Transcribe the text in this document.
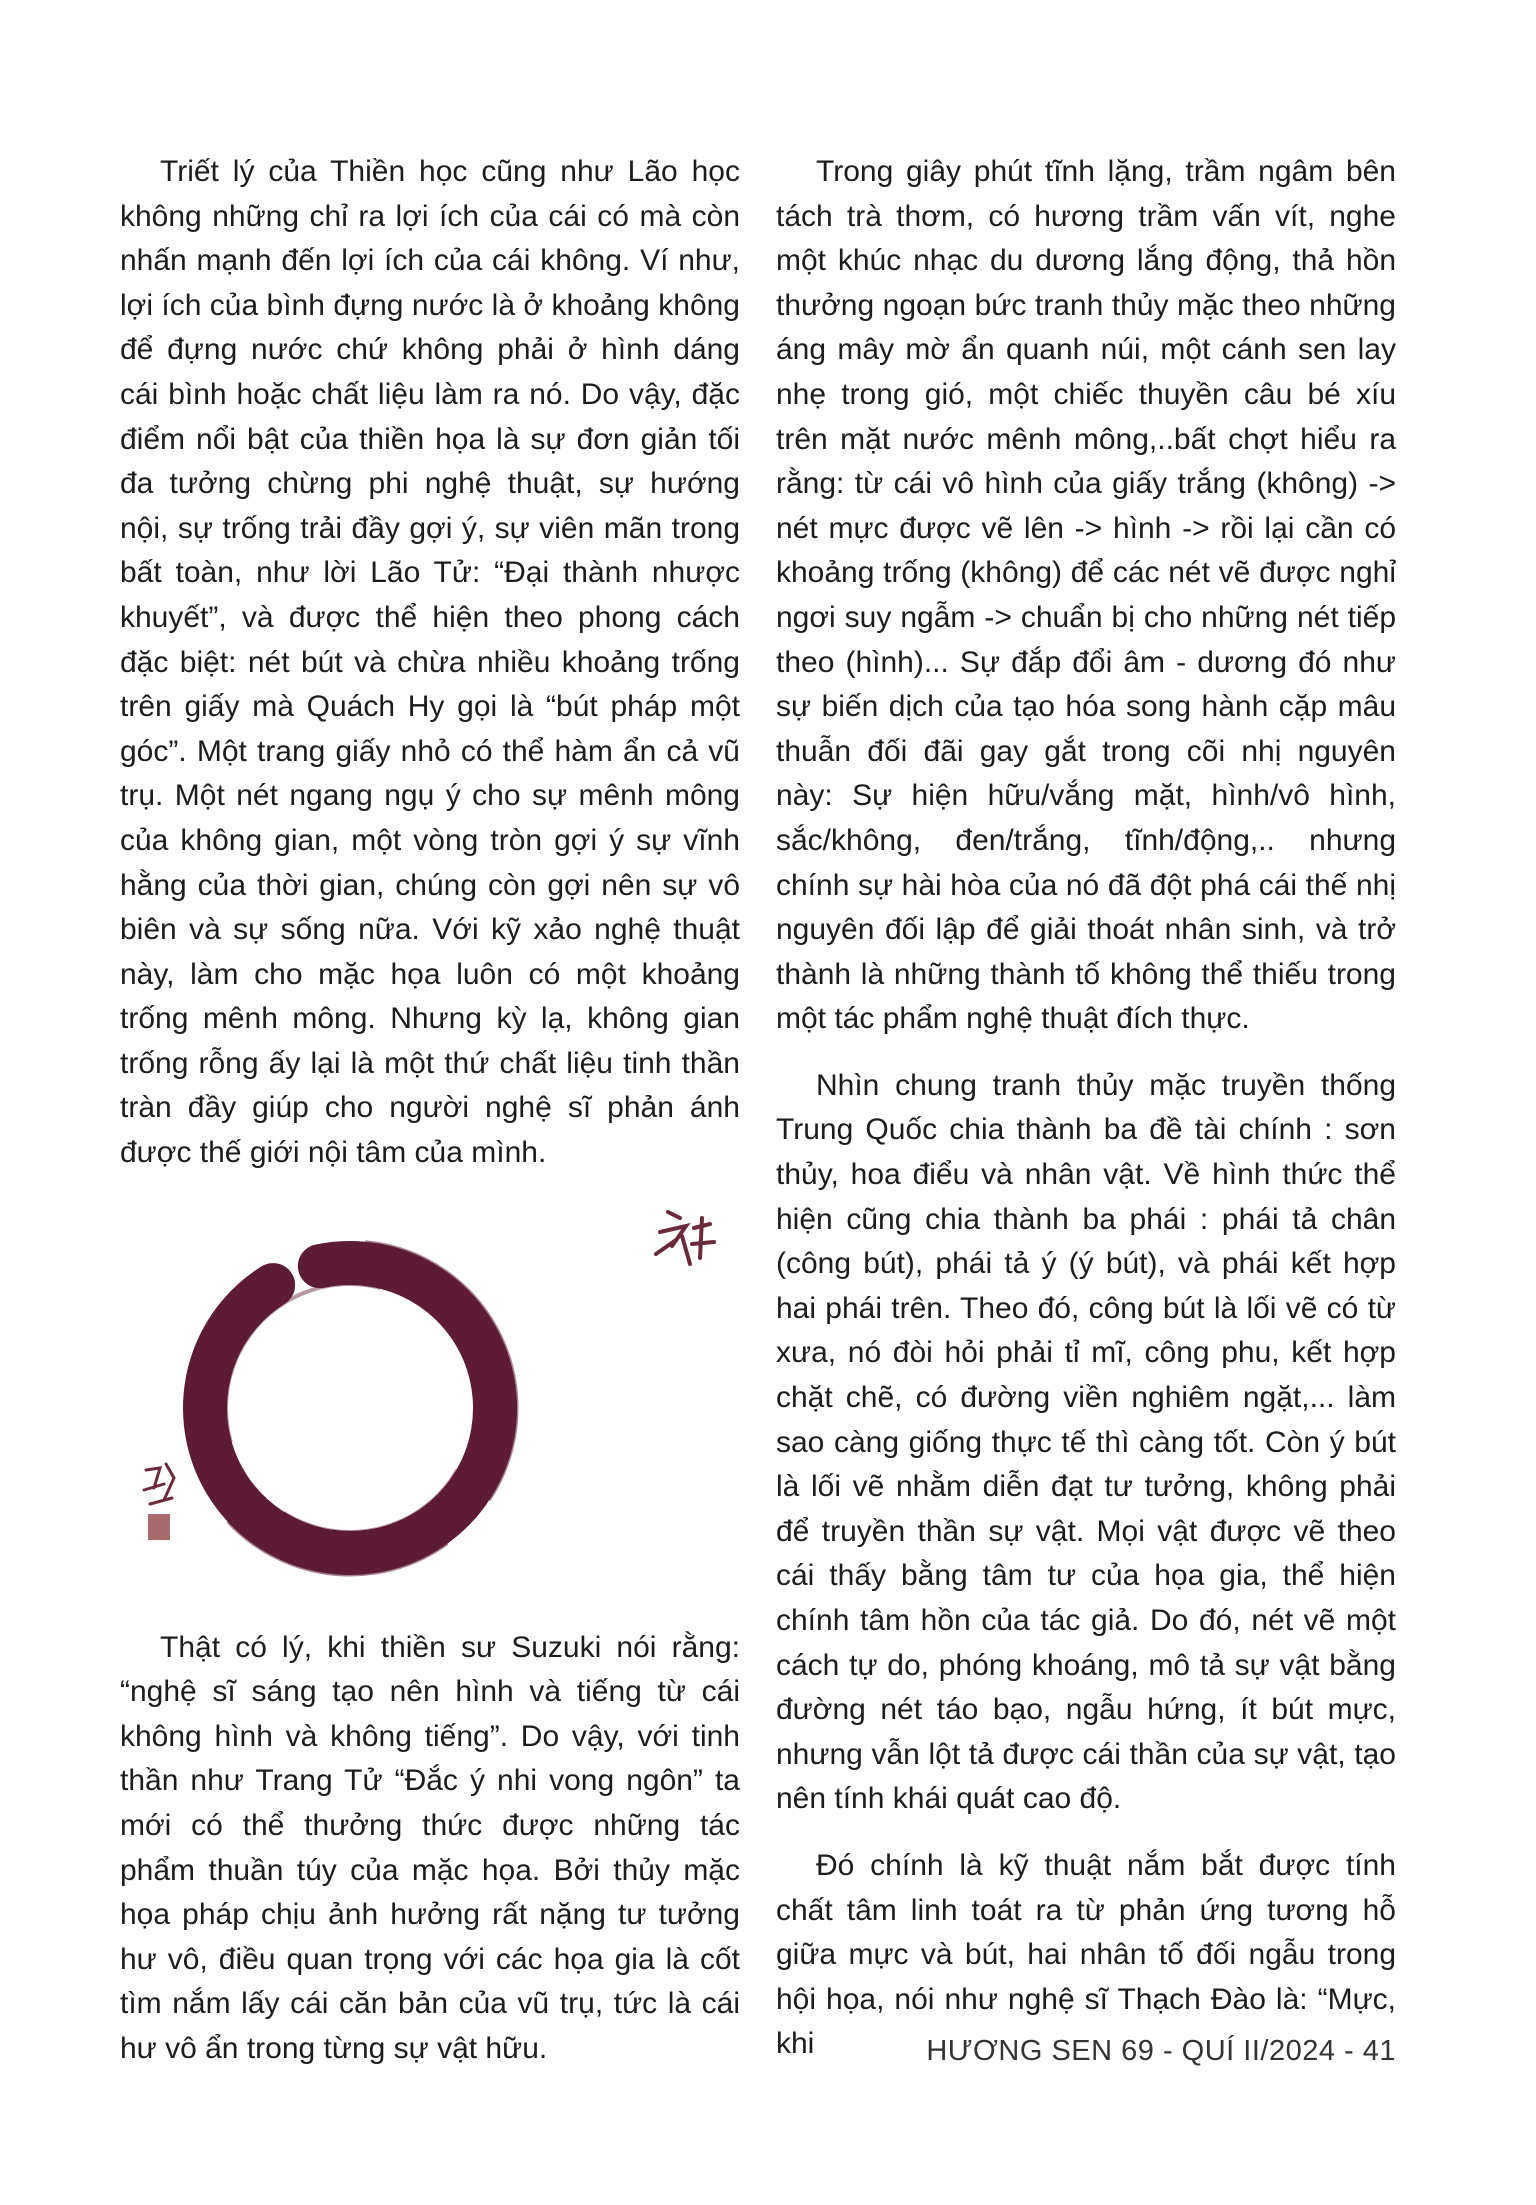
Triết lý của Thiền học cũng như Lão học không những chỉ ra lợi ích của cái có mà còn nhấn mạnh đến lợi ích của cái không. Ví như, lợi ích của bình đựng nước là ở khoảng không để đựng nước chứ không phải ở hình dáng cái bình hoặc chất liệu làm ra nó. Do vậy, đặc điểm nổi bật của thiền họa là sự đơn giản tối đa tưởng chừng phi nghệ thuật, sự hướng nội, sự trống trải đầy gợi ý, sự viên mãn trong bất toàn, như lời Lão Tử: “Đại thành nhược khuyết”, và được thể hiện theo phong cách đặc biệt: nét bút và chừa nhiều khoảng trống trên giấy mà Quách Hy gọi là “bút pháp một góc”. Một trang giấy nhỏ có thể hàm ẩn cả vũ trụ. Một nét ngang ngụ ý cho sự mênh mông của không gian, một vòng tròn gợi ý sự vĩnh hằng của thời gian, chúng còn gợi nên sự vô biên và sự sống nữa. Với kỹ xảo nghệ thuật này, làm cho mặc họa luôn có một khoảng trống mênh mông. Nhưng kỳ lạ, không gian trống rỗng ấy lại là một thứ chất liệu tinh thần tràn đầy giúp cho người nghệ sĩ phản ánh được thế giới nội tâm của mình.

Thật có lý, khi thiền sư Suzuki nói rằng: “nghệ sĩ sáng tạo nên hình và tiếng từ cái không hình và không tiếng”. Do vậy, với tinh thần như Trang Tử “Đắc ý nhi vong ngôn” ta mới có thể thưởng thức được những tác phẩm thuần túy của mặc họa. Bởi thủy mặc họa pháp chịu ảnh hưởng rất nặng tư tưởng hư vô, điều quan trọng với các họa gia là cốt tìm nắm lấy cái căn bản của vũ trụ, tức là cái hư vô ẩn trong từng sự vật hữu.

Trong giây phút tĩnh lặng, trầm ngâm bên tách trà thơm, có hương trầm vấn vít, nghe một khúc nhạc du dương lắng động, thả hồn thưởng ngoạn bức tranh thủy mặc theo những áng mây mờ ẩn quanh núi, một cánh sen lay nhẹ trong gió, một chiếc thuyền câu bé xíu trên mặt nước mênh mông,..bất chợt hiểu ra rằng: từ cái vô hình của giấy trắng (không) -> nét mực được vẽ lên -> hình -> rồi lại cần có khoảng trống (không) để các nét vẽ được nghỉ ngơi suy ngẫm -> chuẩn bị cho những nét tiếp theo (hình)... Sự đắp đổi âm - dương đó như sự biến dịch của tạo hóa song hành cặp mâu thuẫn đối đãi gay gắt trong cõi nhị nguyên này: Sự hiện hữu/vắng mặt, hình/vô hình, sắc/không, đen/trắng, tĩnh/động,.. nhưng chính sự hài hòa của nó đã đột phá cái thế nhị nguyên đối lập để giải thoát nhân sinh, và trở thành là những thành tố không thể thiếu trong một tác phẩm nghệ thuật đích thực.

Nhìn chung tranh thủy mặc truyền thống Trung Quốc chia thành ba đề tài chính : sơn thủy, hoa điểu và nhân vật. Về hình thức thể hiện cũng chia thành ba phái : phái tả chân (công bút), phái tả ý (ý bút), và phái kết hợp hai phái trên. Theo đó, công bút là lối vẽ có từ xưa, nó đòi hỏi phải tỉ mĩ, công phu, kết hợp chặt chẽ, có đường viền nghiêm ngặt,... làm sao càng giống thực tế thì càng tốt. Còn ý bút là lối vẽ nhằm diễn đạt tư tưởng, không phải để truyền thần sự vật. Mọi vật được vẽ theo cái thấy bằng tâm tư của họa gia, thể hiện chính tâm hồn của tác giả. Do đó, nét vẽ một cách tự do, phóng khoáng, mô tả sự vật bằng đường nét táo bạo, ngẫu hứng, ít bút mực, nhưng vẫn lột tả được cái thần của sự vật, tạo nên tính khái quát cao độ.

Đó chính là kỹ thuật nắm bắt được tính chất tâm linh toát ra từ phản ứng tương hỗ giữa mực và bút, hai nhân tố đối ngẫu trong hội họa, nói như nghệ sĩ Thạch Đào là: “Mực, khi	HƯƠNG SEN 69 - QUÍ II/2024 - 41
